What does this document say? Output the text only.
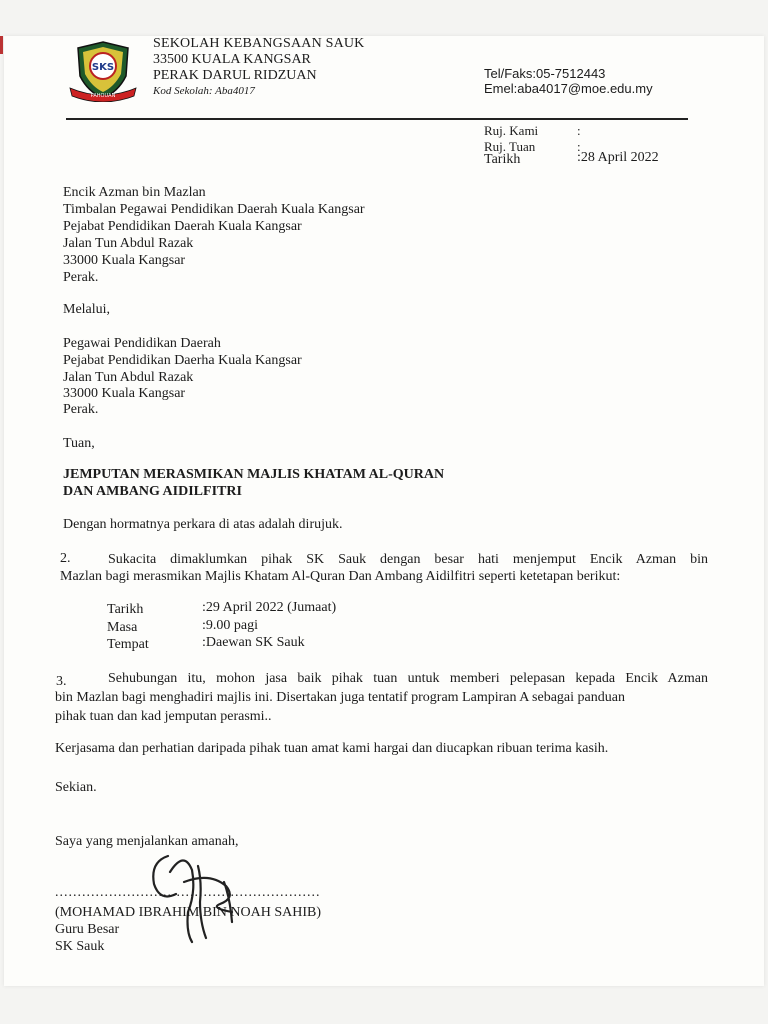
SKS
PAHOUAN
SEKOLAH KEBANGSAAN SAUK
33500 KUALA KANGSAR
PERAK DARUL RIDZUAN
Kod Sekolah: Aba4017
Tel/Faks:05-7512443
Emel:aba4017@moe.edu.my
Ruj. Kami	:
Ruj. Tuan	:
Tarikh	:28 April 2022
Encik Azman bin Mazlan
Timbalan Pegawai Pendidikan Daerah Kuala Kangsar
Pejabat Pendidikan Daerah Kuala Kangsar
Jalan Tun Abdul Razak
33000 Kuala Kangsar
Perak.
Melalui,
Pegawai Pendidikan Daerah
Pejabat Pendidikan Daerha Kuala Kangsar
Jalan Tun Abdul Razak
33000 Kuala Kangsar
Perak.
Tuan,
JEMPUTAN MERASMIKAN MAJLIS KHATAM AL-QURAN
DAN AMBANG AIDILFITRI
Dengan hormatnya perkara di atas adalah dirujuk.
2.	Sukacita dimaklumkan pihak SK Sauk dengan besar hati menjemput Encik Azman bin
Mazlan bagi merasmikan Majlis Khatam Al-Quran Dan Ambang Aidilfitri seperti ketetapan berikut:
Tarikh	:29 April 2022 (Jumaat)
Masa	:9.00 pagi
Tempat	:Daewan SK Sauk
3.	Sehubungan itu, mohon jasa baik pihak tuan untuk memberi pelepasan kepada Encik Azman
bin Mazlan bagi menghadiri majlis ini. Disertakan juga tentatif program Lampiran A sebagai panduan
pihak tuan dan kad jemputan perasmi..
Kerjasama dan perhatian daripada pihak tuan amat kami hargai dan diucapkan ribuan terima kasih.
Sekian.
Saya yang menjalankan amanah,
...........................................................
(MOHAMAD IBRAHIM BIN NOAH SAHIB)
Guru Besar
SK Sauk
